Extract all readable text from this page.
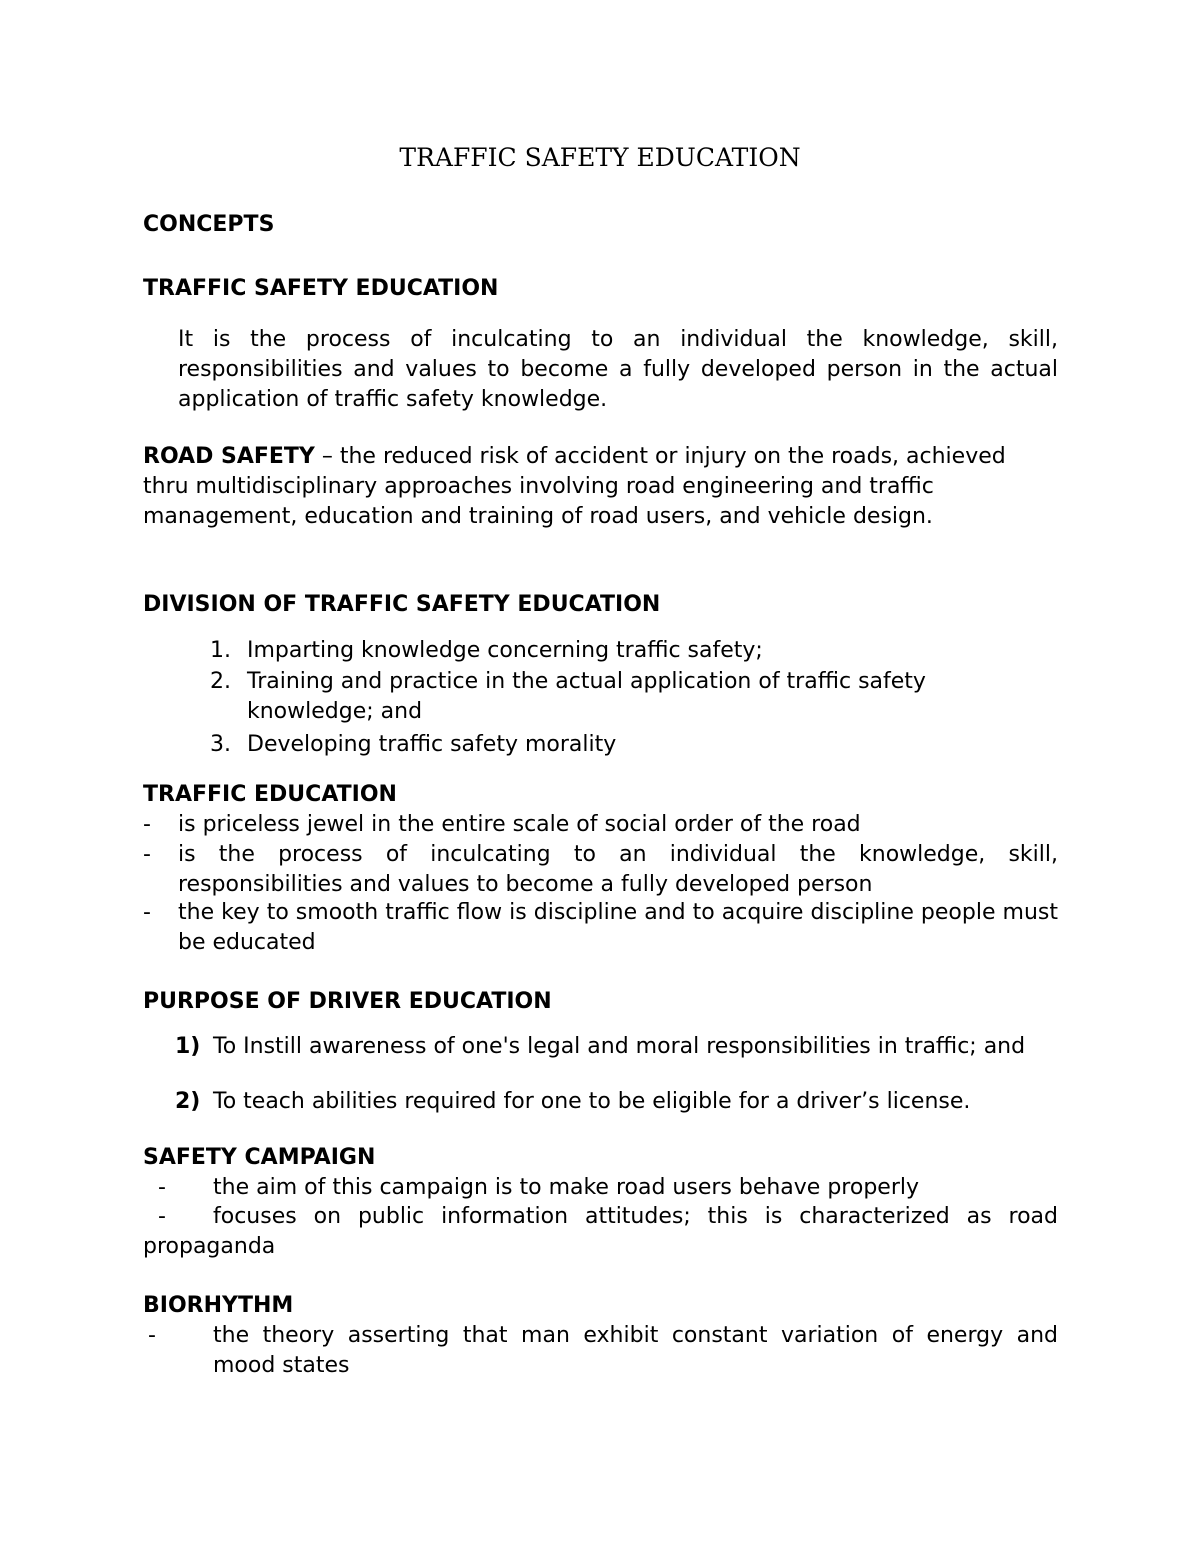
TRAFFIC SAFETY EDUCATION
CONCEPTS
TRAFFIC SAFETY EDUCATION
It is the process of inculcating to an individual the knowledge, skill, responsibilities and values to become a fully developed person in the actual application of traffic safety knowledge.
ROAD SAFETY – the reduced risk of accident or injury on the roads, achieved thru multidisciplinary approaches involving road engineering and traffic management, education and training of road users, and vehicle design.
DIVISION OF TRAFFIC SAFETY EDUCATION
1. Imparting knowledge concerning traffic safety;
2. Training and practice in the actual application of traffic safety knowledge; and
3. Developing traffic safety morality
TRAFFIC EDUCATION
- is priceless jewel in the entire scale of social order of the road
- is the process of inculcating to an individual the knowledge, skill, responsibilities and values to become a fully developed person
- the key to smooth traffic flow is discipline and to acquire discipline people must be educated
PURPOSE OF DRIVER EDUCATION
1) To Instill awareness of one's legal and moral responsibilities in traffic; and
2) To teach abilities required for one to be eligible for a driver’s license.
SAFETY CAMPAIGN
- the aim of this campaign is to make road users behave properly
- focuses on public information attitudes; this is characterized as road propaganda
BIORHYTHM
-	the theory asserting that man exhibit constant variation of energy and mood states
